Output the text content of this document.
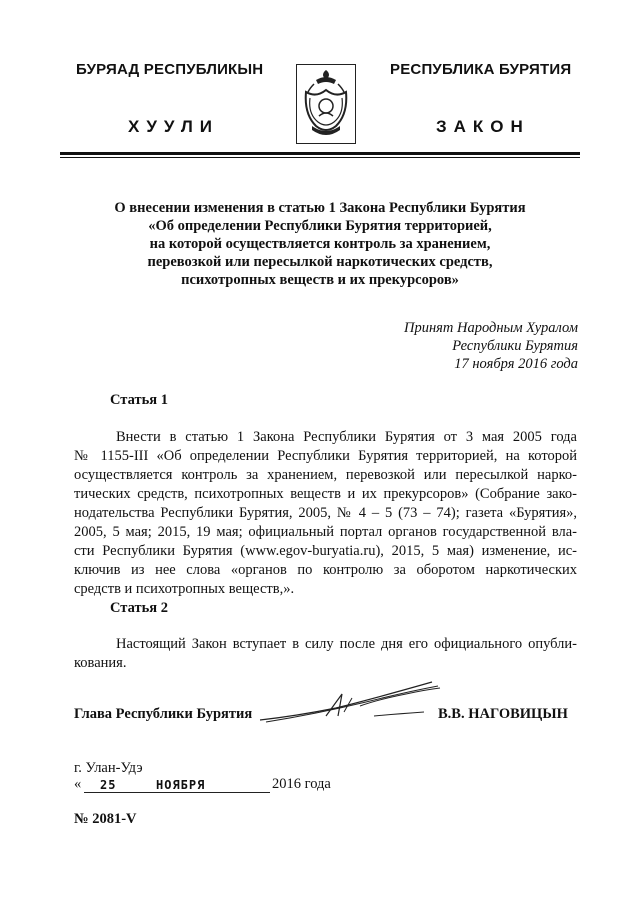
БУРЯАД РЕСПУБЛИКЫН
ХУУЛИ
РЕСПУБЛИКА БУРЯТИЯ
ЗАКОН
О внесении изменения в статью 1 Закона Республики Бурятия
«Об определении Республики Бурятия территорией,
на которой осуществляется контроль за хранением,
перевозкой или пересылкой наркотических средств,
психотропных веществ и их прекурсоров»
Принят Народным Хуралом
Республики Бурятия
17 ноября 2016 года
Статья 1
Внести в статью 1 Закона Республики Бурятия от 3 мая 2005 года
№ 1155-III «Об определении Республики Бурятия территорией, на которой
осуществляется контроль за хранением, перевозкой или пересылкой нарко-
тических средств, психотропных веществ и их прекурсоров» (Собрание зако-
нодательства Республики Бурятия, 2005, № 4 – 5 (73 – 74); газета «Бурятия»,
2005, 5 мая; 2015, 19 мая; официальный портал органов государственной вла-
сти Республики Бурятия (www.egov-buryatia.ru), 2015, 5 мая) изменение, ис-
ключив из нее слова «органов по контролю за оборотом наркотических
средств и психотропных веществ,».
Статья 2
Настоящий Закон вступает в силу после дня его официального опубли-
кования.
Глава Республики Бурятия	В.В. НАГОВИЦЫН
г. Улан-Удэ
« 25	НОЯБРЯ	2016 года
№ 2081-V
